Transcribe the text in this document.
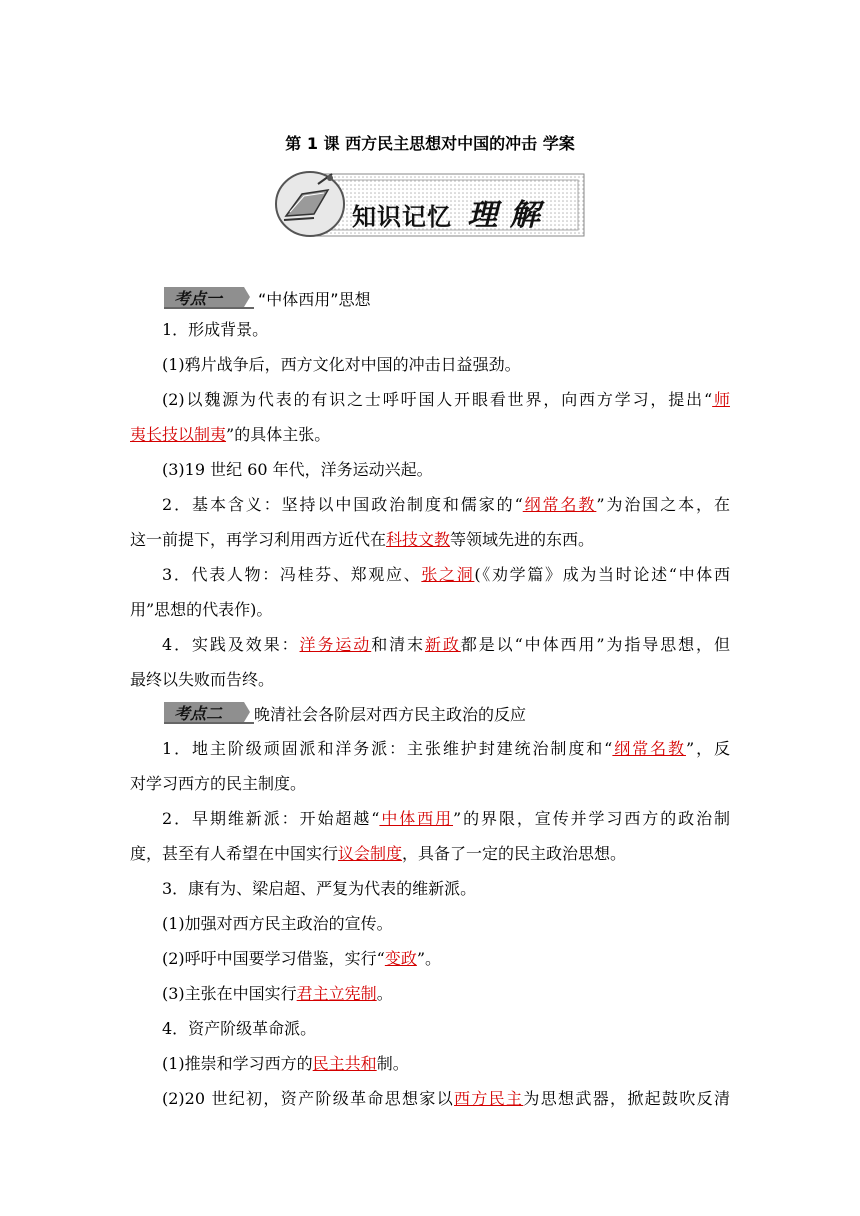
第 1 课 西方民主思想对中国的冲击 学案
知识记忆 理 解
考点一 “中体西用”思想
1．形成背景。
(1)鸦片战争后，西方文化对中国的冲击日益强劲。
(2)以魏源为代表的有识之士呼吁国人开眼看世界，向西方学习，提出“师
夷长技以制夷”的具体主张。
(3)19 世纪 60 年代，洋务运动兴起。
2．基本含义：坚持以中国政治制度和儒家的“纲常名教”为治国之本，在
这一前提下，再学习利用西方近代在科技文教等领域先进的东西。
3．代表人物：冯桂芬、郑观应、张之洞(《劝学篇》成为当时论述“中体西
用”思想的代表作)。
4．实践及效果：洋务运动和清末新政都是以“中体西用”为指导思想，但
最终以失败而告终。
考点二 晚清社会各阶层对西方民主政治的反应
1．地主阶级顽固派和洋务派：主张维护封建统治制度和“纲常名教”，反
对学习西方的民主制度。
2．早期维新派：开始超越“中体西用”的界限，宣传并学习西方的政治制
度，甚至有人希望在中国实行议会制度，具备了一定的民主政治思想。
3．康有为、梁启超、严复为代表的维新派。
(1)加强对西方民主政治的宣传。
(2)呼吁中国要学习借鉴，实行“变政”。
(3)主张在中国实行君主立宪制。
4．资产阶级革命派。
(1)推崇和学习西方的民主共和制。
(2)20 世纪初，资产阶级革命思想家以西方民主为思想武器，掀起鼓吹反清
